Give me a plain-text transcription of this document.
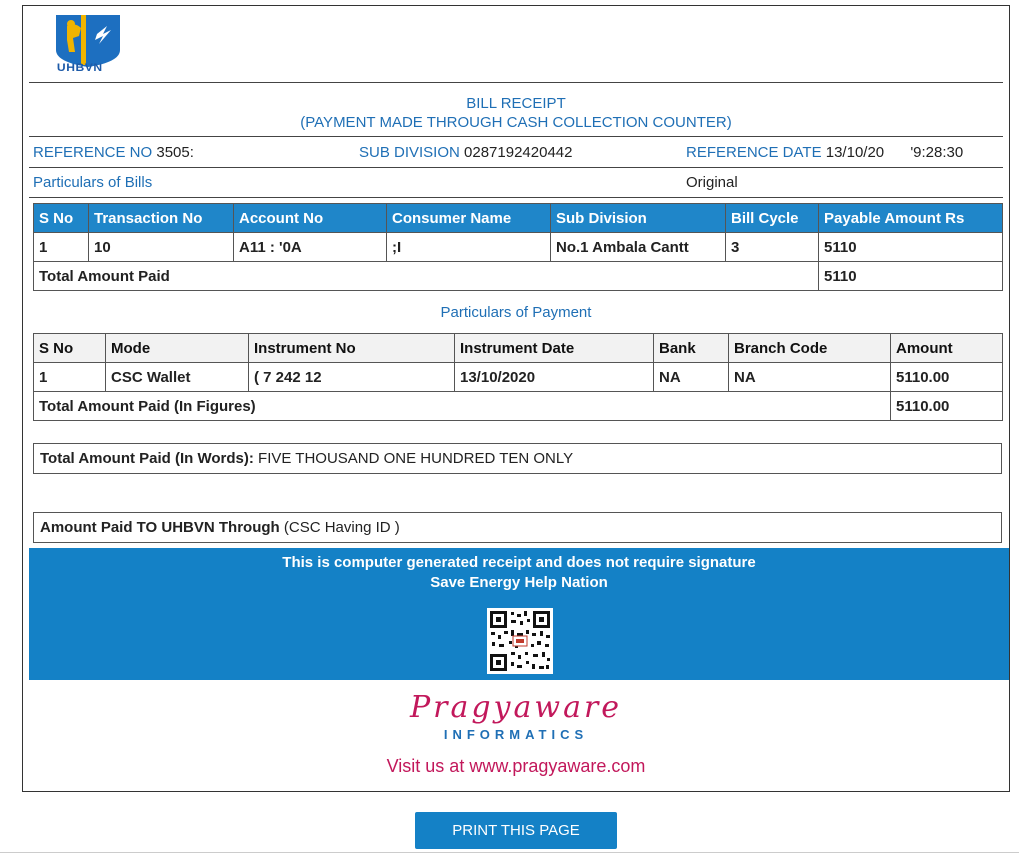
UHBVN
BILL RECEIPT
(PAYMENT MADE THROUGH CASH COLLECTION COUNTER)
REFERENCE NO 3505:	SUB DIVISION 0287192420442	REFERENCE DATE 13/10/20 '9:28:30
Particulars of Bills	Original
S No	Transaction No	Account No	Consumer Name	Sub Division	Bill Cycle	Payable Amount Rs
1	10	A11 : '0A	;I	No.1 Ambala Cantt	3	5110
Total Amount Paid						5110
Particulars of Payment
S No	Mode	Instrument No	Instrument Date	Bank	Branch Code	Amount
1	CSC Wallet	( 7 242 12	13/10/2020	NA	NA	5110.00
Total Amount Paid (In Figures)						5110.00
Total Amount Paid (In Words): FIVE THOUSAND ONE HUNDRED TEN ONLY
Amount Paid TO UHBVN Through (CSC Having ID )
This is computer generated receipt and does not require signature
Save Energy Help Nation
Pragyaware
INFORMATICS
Visit us at www.pragyaware.com
PRINT THIS PAGE
